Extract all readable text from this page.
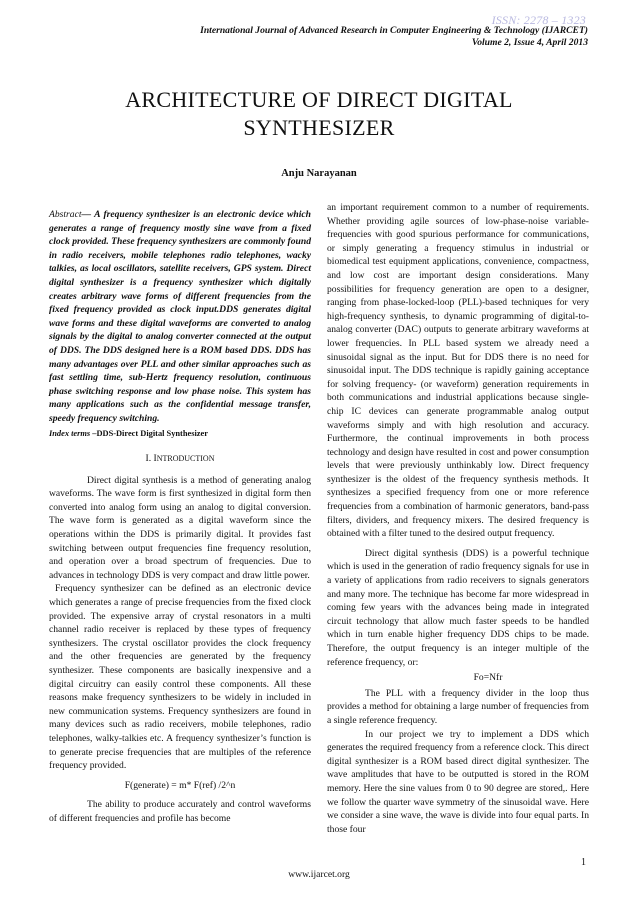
ISSN: 2278 – 1323
International Journal of Advanced Research in Computer Engineering & Technology (IJARCET)
Volume 2, Issue 4, April 2013
ARCHITECTURE OF DIRECT DIGITAL
SYNTHESIZER
Anju Narayanan

Abstract— A frequency synthesizer is an electronic device which generates a range of frequency mostly sine wave from a fixed clock provided. These frequency synthesizers are commonly found in radio receivers, mobile telephones radio telephones, wacky talkies, as local oscillators, satellite receivers, GPS system. Direct digital synthesizer is a frequency synthesizer which digitally creates arbitrary wave forms of different frequencies from the fixed frequency provided as clock input.DDS generates digital wave forms and these digital waveforms are converted to analog signals by the digital to analog converter connected at the output of DDS. The DDS designed here is a ROM based DDS. DDS has many advantages over PLL and other similar approaches such as fast settling time, sub-Hertz frequency resolution, continuous phase switching response and low phase noise. This system has many applications such as the confidential message transfer, speedy frequency switching.

Index terms –DDS-Direct Digital Synthesizer

I. INTRODUCTION

Direct digital synthesis is a method of generating analog waveforms. The wave form is first synthesized in digital form then converted into analog form using an analog to digital conversion. The wave form is generated as a digital waveform since the operations within the DDS is primarily digital. It provides fast switching between output frequencies fine frequency resolution, and operation over a broad spectrum of frequencies. Due to advances in technology DDS is very compact and draw little power.

Frequency synthesizer can be defined as an electronic device which generates a range of precise frequencies from the fixed clock provided. The expensive array of crystal resonators in a multi channel radio receiver is replaced by these types of frequency synthesizers. The crystal oscillator provides the clock frequency and the other frequencies are generated by the frequency synthesizer. These components are basically inexpensive and a digital circuitry can easily control these components. All these reasons make frequency synthesizers to be widely in included in new communication systems. Frequency synthesizers are found in many devices such as radio receivers, mobile telephones, radio telephones, walky-talkies etc. A frequency synthesizer’s function is to generate precise frequencies that are multiples of the reference frequency provided.

F(generate) = m* F(ref) /2^n

The ability to produce accurately and control waveforms of different frequencies and profile has become

an important requirement common to a number of requirements. Whether providing agile sources of low-phase-noise variable-frequencies with good spurious performance for communications, or simply generating a frequency stimulus in industrial or biomedical test equipment applications, convenience, compactness, and low cost are important design considerations. Many possibilities for frequency generation are open to a designer, ranging from phase-locked-loop (PLL)-based techniques for very high-frequency synthesis, to dynamic programming of digital-to-analog converter (DAC) outputs to generate arbitrary waveforms at lower frequencies. In PLL based system we already need a sinusoidal signal as the input. But for DDS there is no need for sinusoidal input. The DDS technique is rapidly gaining acceptance for solving frequency- (or waveform) generation requirements in both communications and industrial applications because single-chip IC devices can generate programmable analog output waveforms simply and with high resolution and accuracy. Furthermore, the continual improvements in both process technology and design have resulted in cost and power consumption levels that were previously unthinkably low. Direct frequency synthesizer is the oldest of the frequency synthesis methods. It synthesizes a specified frequency from one or more reference frequencies from a combination of harmonic generators, band-pass filters, dividers, and frequency mixers. The desired frequency is obtained with a filter tuned to the desired output frequency.

Direct digital synthesis (DDS) is a powerful technique which is used in the generation of radio frequency signals for use in a variety of applications from radio receivers to signals generators and many more. The technique has become far more widespread in coming few years with the advances being made in integrated circuit technology that allow much faster speeds to be handled which in turn enable higher frequency DDS chips to be made. Therefore, the output frequency is an integer multiple of the reference frequency, or:

Fo=Nfr

The PLL with a frequency divider in the loop thus provides a method for obtaining a large number of frequencies from a single reference frequency.

In our project we try to implement a DDS which generates the required frequency from a reference clock. This direct digital synthesizer is a ROM based direct digital synthesizer. The wave amplitudes that have to be outputted is stored in the ROM memory. Here the sine values from 0 to 90 degree are stored,. Here we follow the quarter wave symmetry of the sinusoidal wave. Here we consider a sine wave, the wave is divide into four equal parts. In those four

1
www.ijarcet.org
